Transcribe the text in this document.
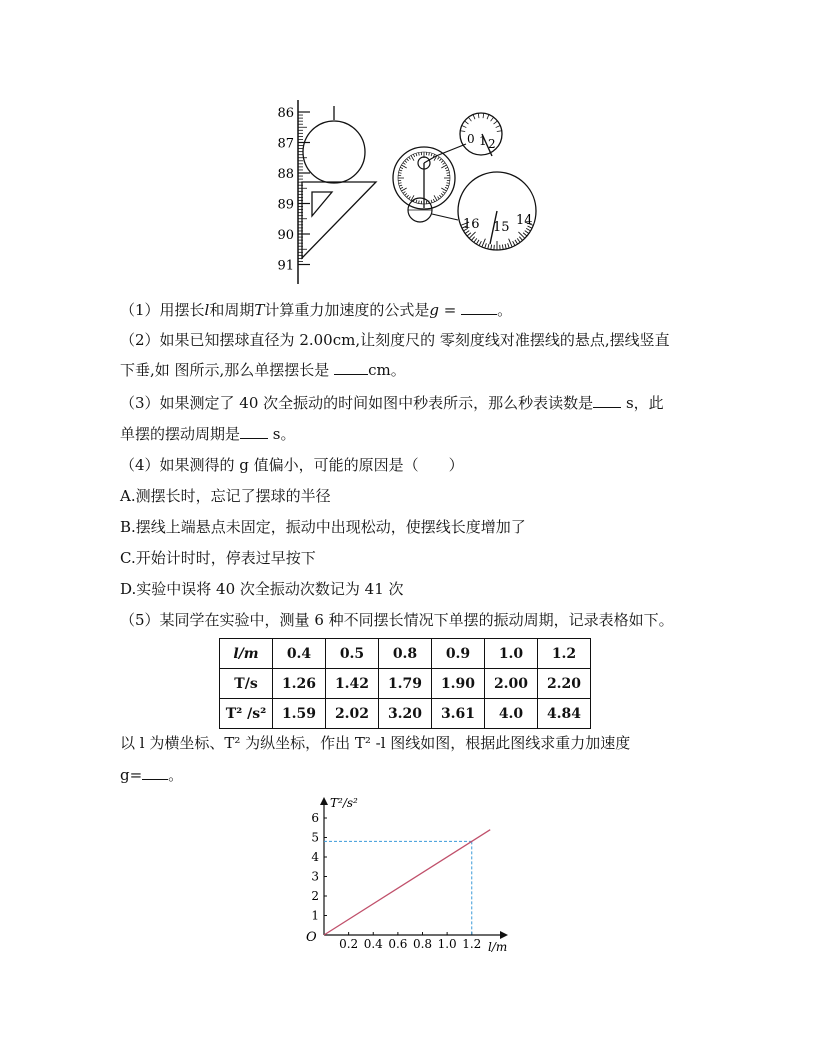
86
87
88
89
90
91
0 1 2
16 15 14
（1）用摆长l和周期T计算重力加速度的公式是g = 。
（2）如果已知摆球直径为 2.00cm,让刻度尺的 零刻度线对准摆线的悬点,摆线竖直
下垂,如 图所示,那么单摆摆长是 cm。
（3）如果测定了 40 次全振动的时间如图中秒表所示，那么秒表读数是 s，此
单摆的摆动周期是 s。
（4）如果测得的 g 值偏小，可能的原因是（　　）
A.测摆长时，忘记了摆球的半径
B.摆线上端悬点未固定，振动中出现松动，使摆线长度增加了
C.开始计时时，停表过早按下
D.实验中误将 40 次全振动次数记为 41 次
（5）某同学在实验中，测量 6 种不同摆长情况下单摆的振动周期，记录表格如下。
l/m	0.4	0.5	0.8	0.9	1.0	1.2
T/s	1.26	1.42	1.79	1.90	2.00	2.20
T² /s²	1.59	2.02	3.20	3.61	4.0	4.84
以 l 为横坐标、T² 为纵坐标，作出 T² -l 图线如图，根据此图线求重力加速度
g= 。
T²/s²
l/m
O 0.2 0.4 0.6 0.8 1.0 1.2
1
2
3
4
5
6
